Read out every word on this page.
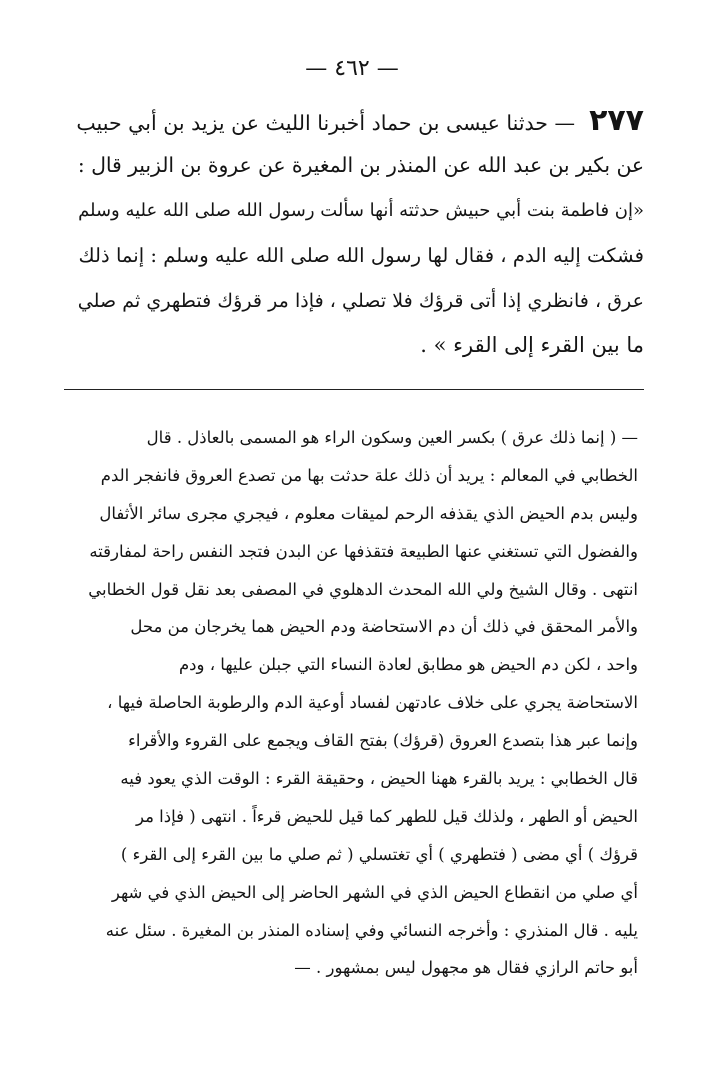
— ٤٦٢ —
٢٧٧— حدثنا عيسى بن حماد أخبرنا الليث عن يزيد بن أبي حبيب
عن بكير بن عبد الله عن المنذر بن المغيرة عن عروة بن الزبير قال :
«إن فاطمة بنت أبي حبيش حدثته أنها سألت رسول الله صلى الله عليه وسلم
فشكت إليه الدم ، فقال لها رسول الله صلى الله عليه وسلم : إنما ذلك
عرق ، فانظري إذا أتى قرؤك فلا تصلي ، فإذا مر قرؤك فتطهري ثم صلي
ما بين القرء إلى القرء » .
— ( إنما ذلك عرق ) بكسر العين وسكون الراء هو المسمى بالعاذل . قال
الخطابي في المعالم : يريد أن ذلك علة حدثت بها من تصدع العروق فانفجر الدم
وليس بدم الحيض الذي يقذفه الرحم لميقات معلوم ، فيجري مجرى سائر الأثفال
والفضول التي تستغني عنها الطبيعة فتقذفها عن البدن فتجد النفس راحة لمفارقته
انتهى . وقال الشيخ ولي الله المحدث الدهلوي في المصفى بعد نقل قول الخطابي
والأمر المحقق في ذلك أن دم الاستحاضة ودم الحيض هما يخرجان من محل
واحد ، لكن دم الحيض هو مطابق لعادة النساء التي جبلن عليها ، ودم
الاستحاضة يجري على خلاف عادتهن لفساد أوعية الدم والرطوبة الحاصلة فيها ،
وإنما عبر هذا بتصدع العروق (قرؤك) بفتح القاف ويجمع على القروء والأقراء
قال الخطابي : يريد بالقرء ههنا الحيض ، وحقيقة القرء : الوقت الذي يعود فيه
الحيض أو الطهر ، ولذلك قيل للطهر كما قيل للحيض قرءاً . انتهى ( فإذا مر
قرؤك ) أي مضى ( فتطهري ) أي تغتسلي ( ثم صلي ما بين القرء إلى القرء )
أي صلي من انقطاع الحيض الذي في الشهر الحاضر إلى الحيض الذي في شهر
يليه . قال المنذري : وأخرجه النسائي وفي إسناده المنذر بن المغيرة . سئل عنه
أبو حاتم الرازي فقال هو مجهول ليس بمشهور . —
